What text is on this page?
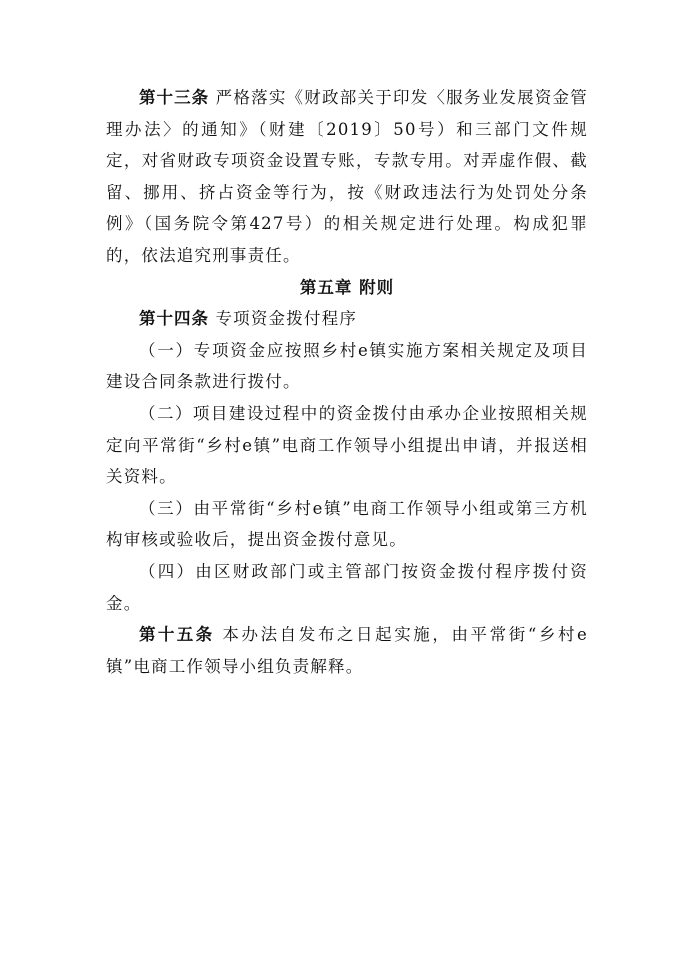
第十三条 严格落实《财政部关于印发〈服务业发展资金管理办法〉的通知》（财建〔2019〕50号）和三部门文件规定，对省财政专项资金设置专账，专款专用。对弄虚作假、截留、挪用、挤占资金等行为，按《财政违法行为处罚处分条例》（国务院令第427号）的相关规定进行处理。构成犯罪的，依法追究刑事责任。

第五章 附则

第十四条 专项资金拨付程序

（一）专项资金应按照乡村e镇实施方案相关规定及项目建设合同条款进行拨付。

（二）项目建设过程中的资金拨付由承办企业按照相关规定向平常街“乡村e镇”电商工作领导小组提出申请，并报送相关资料。

（三）由平常街“乡村e镇”电商工作领导小组或第三方机构审核或验收后，提出资金拨付意见。

（四）由区财政部门或主管部门按资金拨付程序拨付资金。

第十五条 本办法自发布之日起实施，由平常街“乡村e镇”电商工作领导小组负责解释。
